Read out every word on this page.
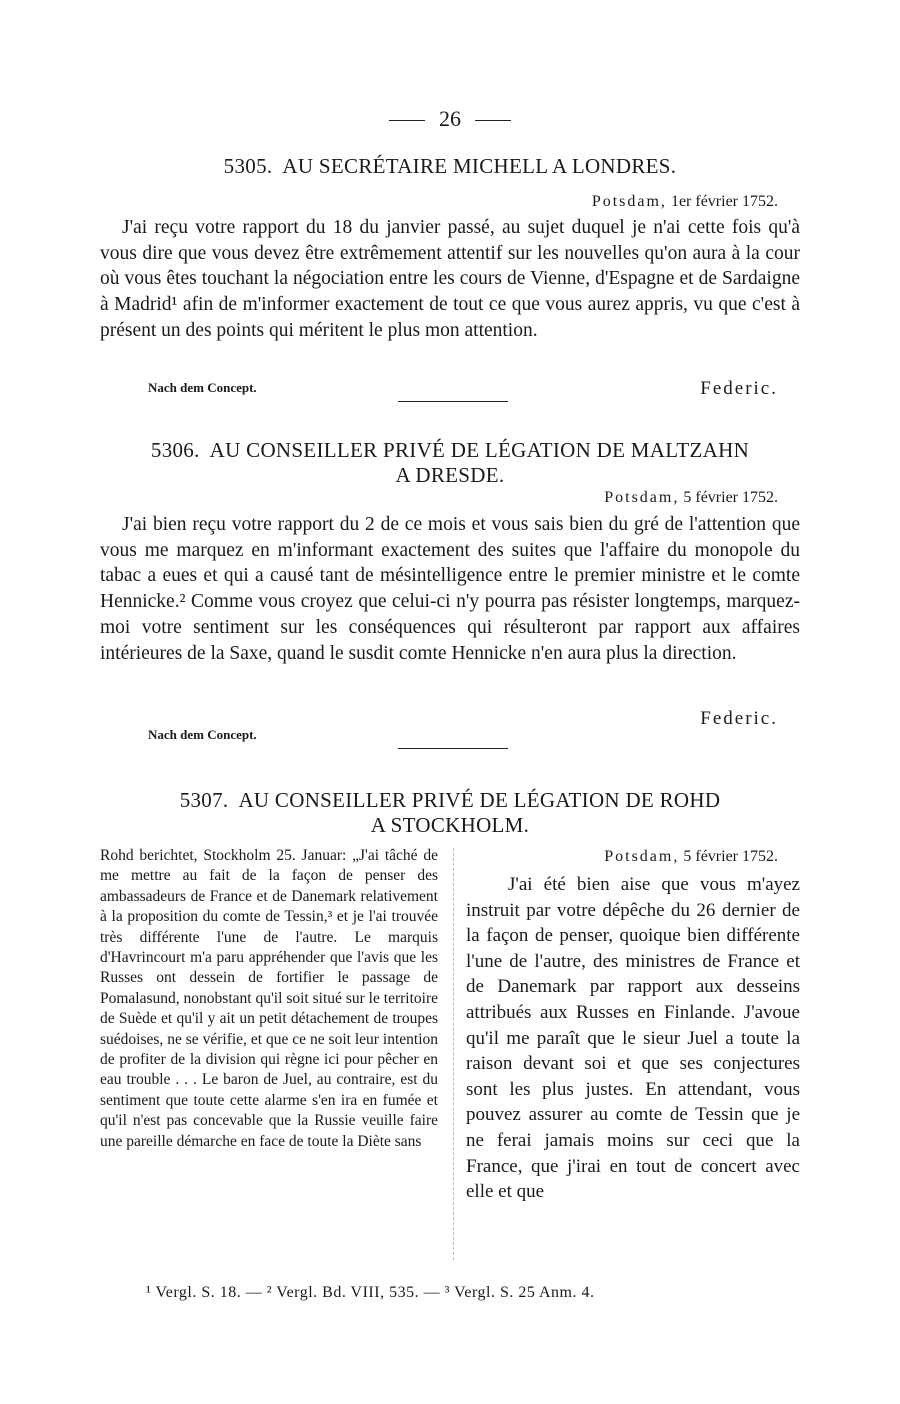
26
5305. AU SECRÉTAIRE MICHELL A LONDRES.
Potsdam, 1er février 1752.

J'ai reçu votre rapport du 18 du janvier passé, au sujet duquel je n'ai cette fois qu'à vous dire que vous devez être extrêmement attentif sur les nouvelles qu'on aura à la cour où vous êtes touchant la négociation entre les cours de Vienne, d'Espagne et de Sardaigne à Madrid¹ afin de m'informer exactement de tout ce que vous aurez appris, vu que c'est à présent un des points qui méritent le plus mon attention.

Nach dem Concept.	Federic.
5306. AU CONSEILLER PRIVÉ DE LÉGATION DE MALTZAHN
A DRESDE.
Potsdam, 5 février 1752.

J'ai bien reçu votre rapport du 2 de ce mois et vous sais bien du gré de l'attention que vous me marquez en m'informant exactement des suites que l'affaire du monopole du tabac a eues et qui a causé tant de mésintelligence entre le premier ministre et le comte Hennicke.² Comme vous croyez que celui-ci n'y pourra pas résister longtemps, marquez-moi votre sentiment sur les conséquences qui résulteront par rapport aux affaires intérieures de la Saxe, quand le susdit comte Hennicke n'en aura plus la direction.

Federic.
Nach dem Concept.
5307. AU CONSEILLER PRIVÉ DE LÉGATION DE ROHD
A STOCKHOLM.

Rohd berichtet, Stockholm 25. Januar: „J'ai tâché de me mettre au fait de la façon de penser des ambassadeurs de France et de Danemark relativement à la proposition du comte de Tessin,³ et je l'ai trouvée très différente l'une de l'autre. Le marquis d'Havrincourt m'a paru appréhender que l'avis que les Russes ont dessein de fortifier le passage de Pomalasund, nonobstant qu'il soit situé sur le territoire de Suède et qu'il y ait un petit détachement de troupes suédoises, ne se vérifie, et que ce ne soit leur intention de profiter de la division qui règne ici pour pêcher en eau trouble . . . Le baron de Juel, au contraire, est du sentiment que toute cette alarme s'en ira en fumée et qu'il n'est pas concevable que la Russie veuille faire une pareille démarche en face de toute la Diète sans

Potsdam, 5 février 1752.

J'ai été bien aise que vous m'ayez instruit par votre dépêche du 26 dernier de la façon de penser, quoique bien différente l'une de l'autre, des ministres de France et de Danemark par rapport aux desseins attribués aux Russes en Finlande. J'avoue qu'il me paraît que le sieur Juel a toute la raison devant soi et que ses conjectures sont les plus justes. En attendant, vous pouvez assurer au comte de Tessin que je ne ferai jamais moins sur ceci que la France, que j'irai en tout de concert avec elle et que

¹ Vergl. S. 18. — ² Vergl. Bd. VIII, 535. — ³ Vergl. S. 25 Anm. 4.
